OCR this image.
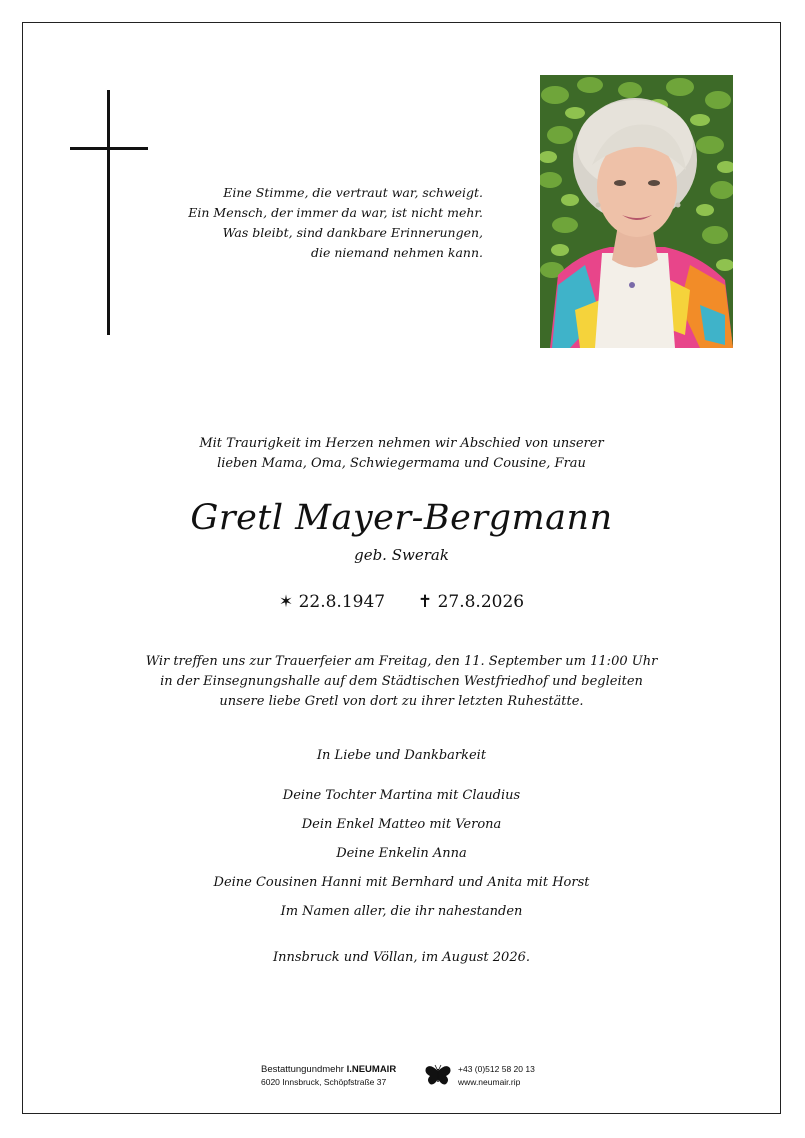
Eine Stimme, die vertraut war, schweigt.
Ein Mensch, der immer da war, ist nicht mehr.
Was bleibt, sind dankbare Erinnerungen,
die niemand nehmen kann.
Mit Traurigkeit im Herzen nehmen wir Abschied von unserer
lieben Mama, Oma, Schwiegermama und Cousine, Frau
Gretl Mayer-Bergmann
geb. Swerak
✶ 22.8.1947 ✝ 27.8.2026
Wir treffen uns zur Trauerfeier am Freitag, den 11. September um 11:00 Uhr
in der Einsegnungshalle auf dem Städtischen Westfriedhof und begleiten
unsere liebe Gretl von dort zu ihrer letzten Ruhestätte.
In Liebe und Dankbarkeit
Deine Tochter Martina mit Claudius
Dein Enkel Matteo mit Verona
Deine Enkelin Anna
Deine Cousinen Hanni mit Bernhard und Anita mit Horst
Im Namen aller, die ihr nahestanden
Innsbruck und Völlan, im August 2026.
Bestattungundmehr I.NEUMAIR
6020 Innsbruck, Schöpfstraße 37
+43 (0)512 58 20 13
www.neumair.rip
